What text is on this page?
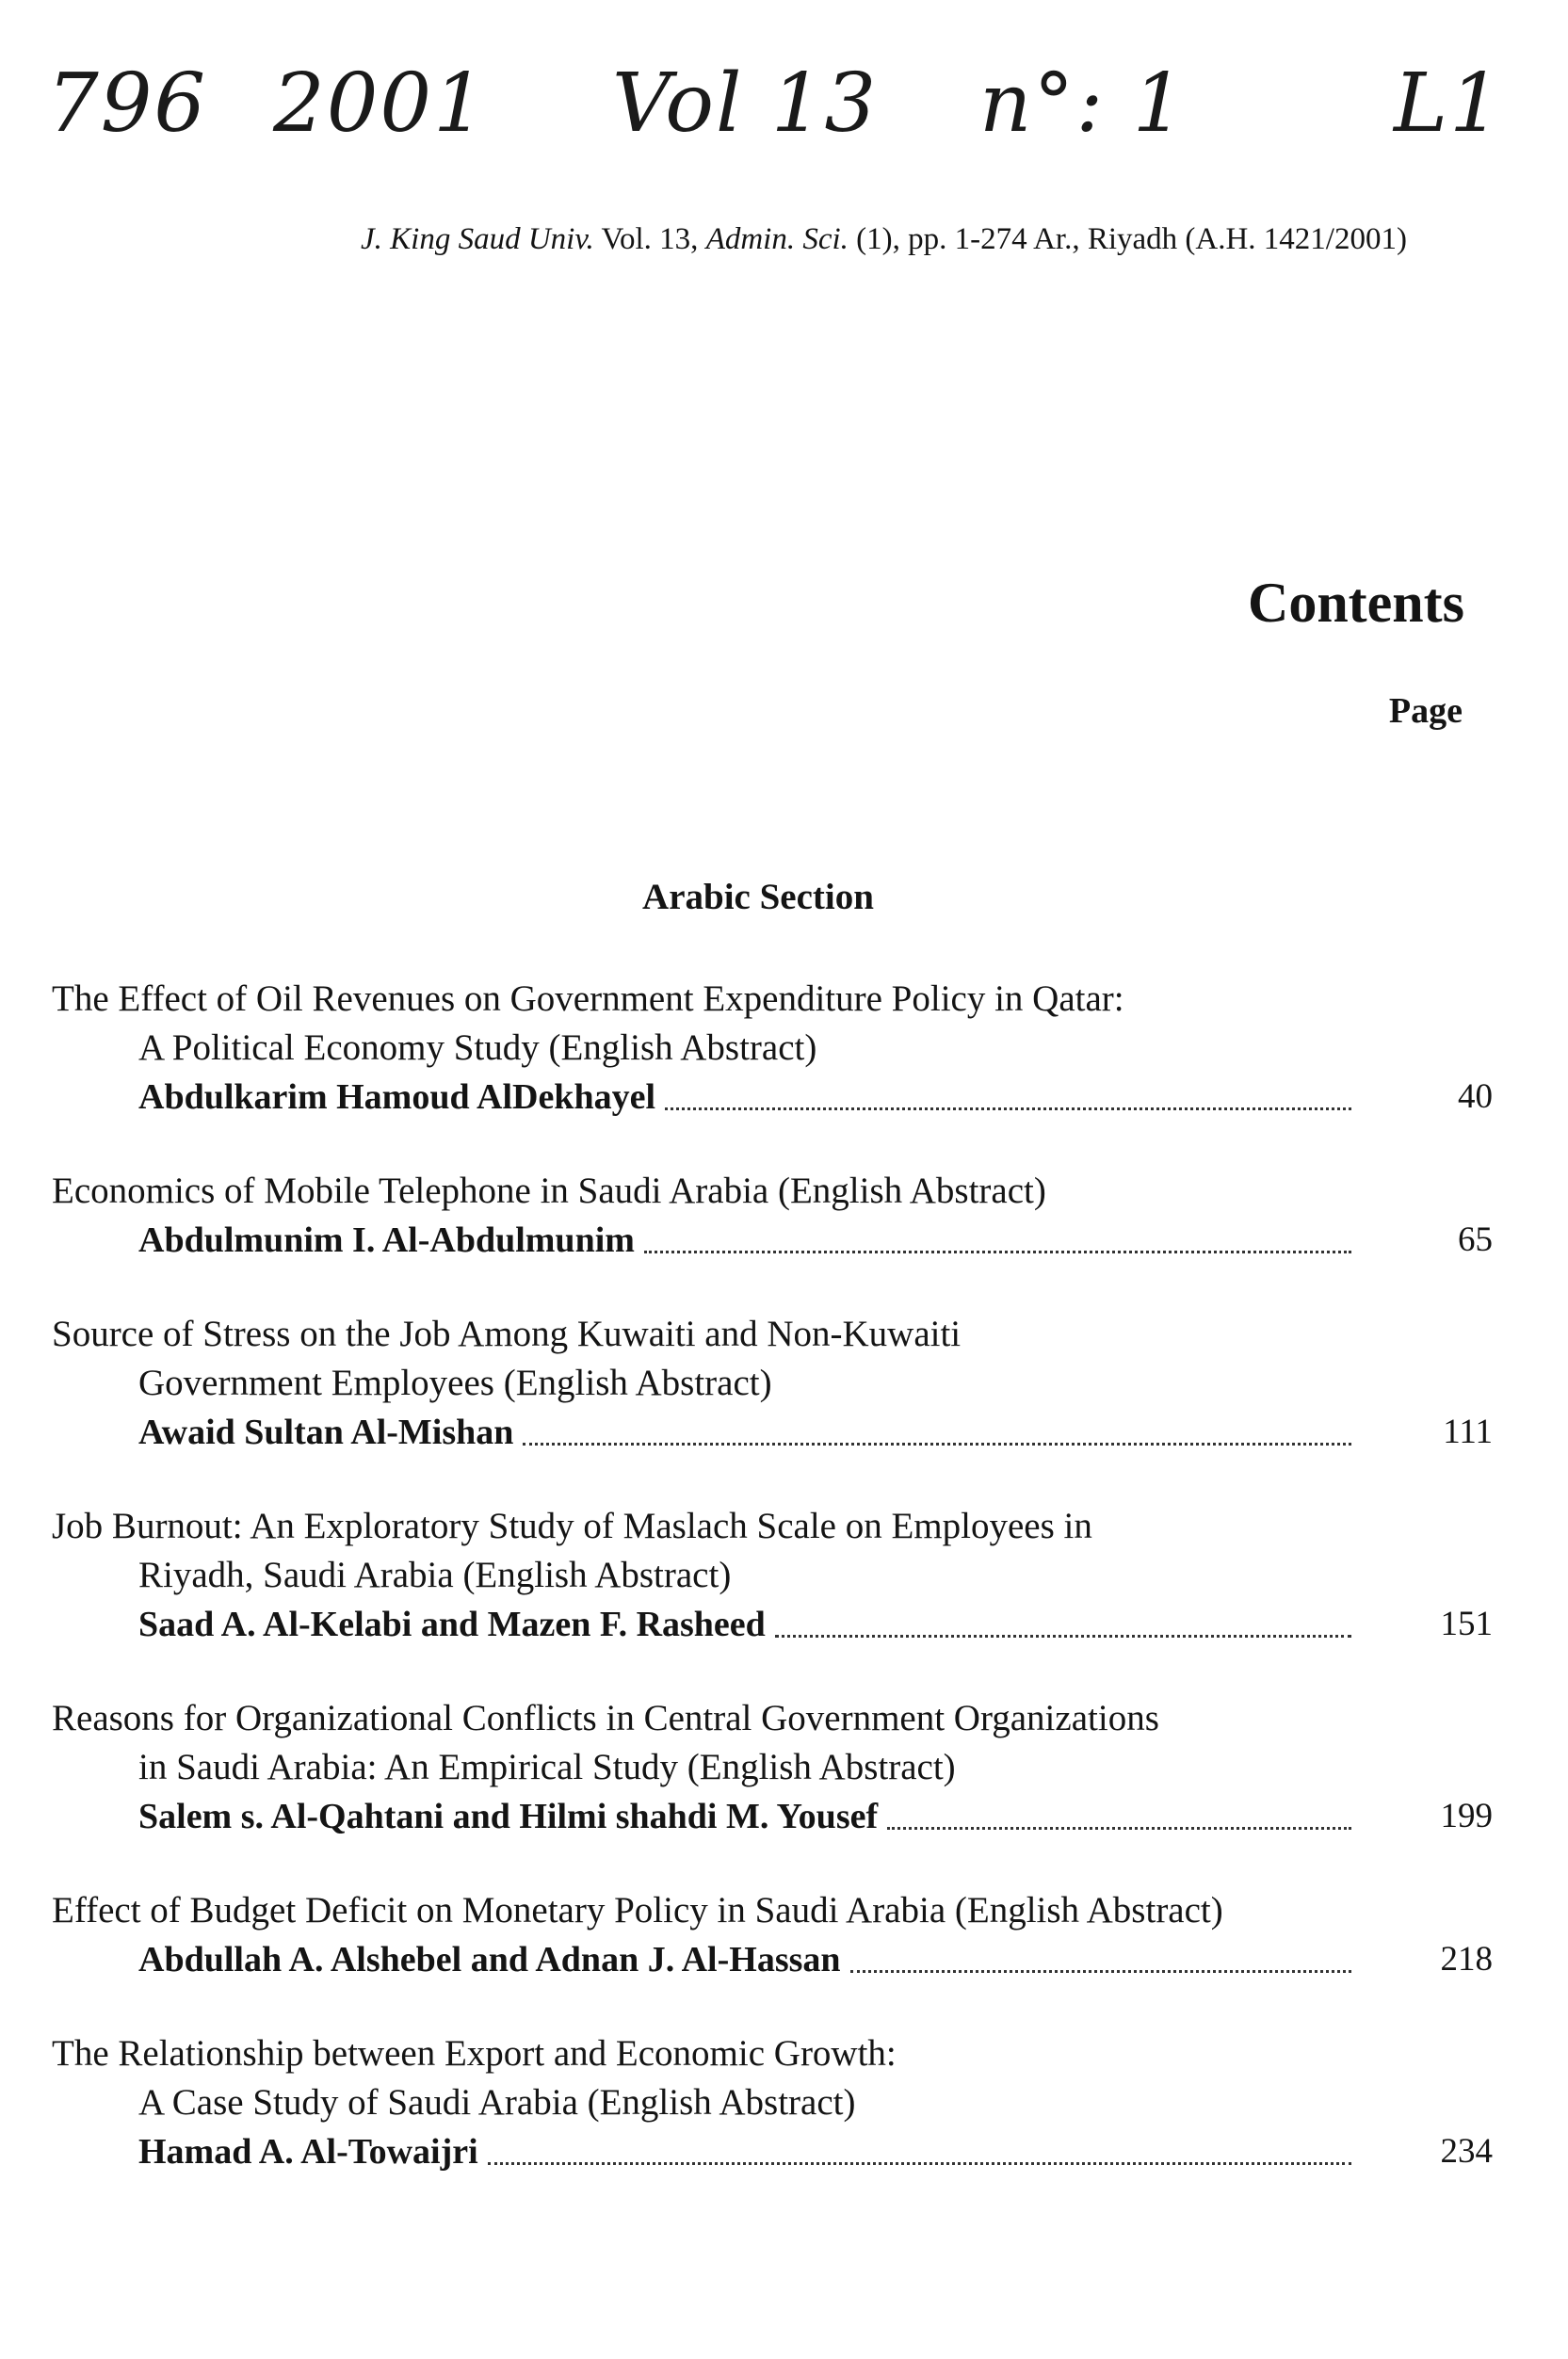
796 2001 Vol 13 n°: 1	L1
J. King Saud Univ. Vol. 13, Admin. Sci. (1), pp. 1-274 Ar., Riyadh (A.H. 1421/2001)
Contents
Page
Arabic Section
The Effect of Oil Revenues on Government Expenditure Policy in Qatar:
A Political Economy Study (English Abstract)
Abdulkarim Hamoud AlDekhayel	40
Economics of Mobile Telephone in Saudi Arabia (English Abstract)
Abdulmunim I. Al-Abdulmunim	65
Source of Stress on the Job Among Kuwaiti and Non-Kuwaiti
Government Employees (English Abstract)
Awaid Sultan Al-Mishan	111
Job Burnout: An Exploratory Study of Maslach Scale on Employees in
Riyadh, Saudi Arabia (English Abstract)
Saad A. Al-Kelabi and Mazen F. Rasheed	151
Reasons for Organizational Conflicts in Central Government Organizations
in Saudi Arabia: An Empirical Study (English Abstract)
Salem s. Al-Qahtani and Hilmi shahdi M. Yousef	199
Effect of Budget Deficit on Monetary Policy in Saudi Arabia (English Abstract)
Abdullah A. Alshebel and Adnan J. Al-Hassan	218
The Relationship between Export and Economic Growth:
A Case Study of Saudi Arabia (English Abstract)
Hamad A. Al-Towaijri	234
